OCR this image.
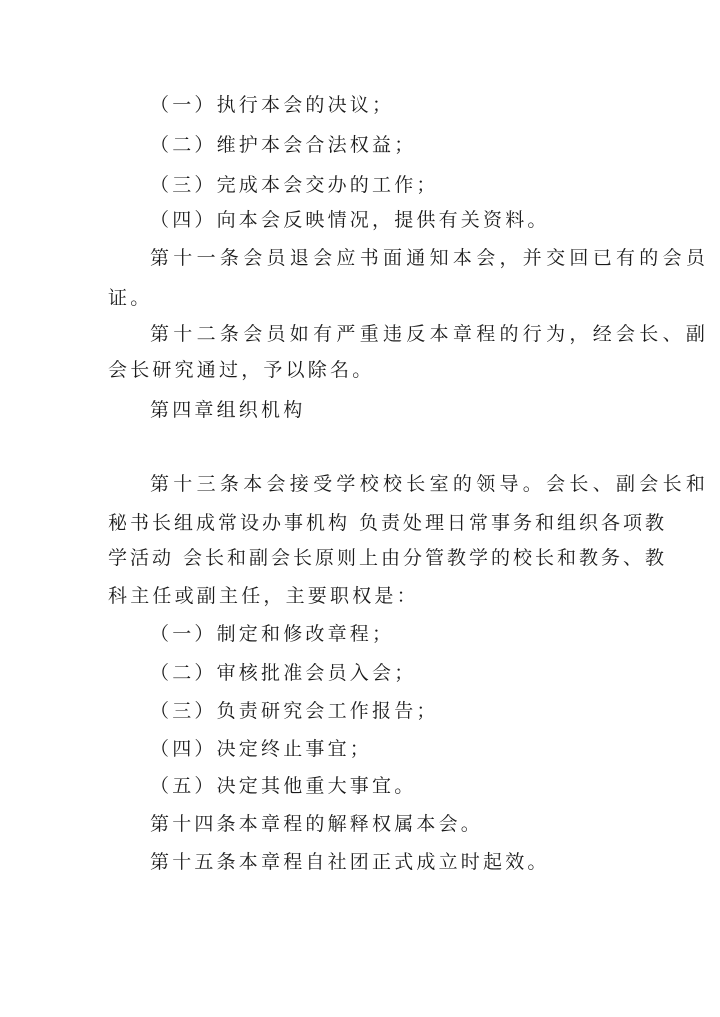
（一）执行本会的决议；
（二）维护本会合法权益；
（三）完成本会交办的工作；
（四）向本会反映情况，提供有关资料。
第十一条会员退会应书面通知本会，并交回已有的会员
证。
第十二条会员如有严重违反本章程的行为，经会长、副
会长研究通过，予以除名。
第四章组织机构
第十三条本会接受学校校长室的领导。会长、副会长和
秘书长组成常设办事机构 负责处理日常事务和组织各项教
学活动 会长和副会长原则上由分管教学的校长和教务、教
科主任或副主任，主要职权是：
（一）制定和修改章程；
（二）审核批准会员入会；
（三）负责研究会工作报告；
（四）决定终止事宜；
（五）决定其他重大事宜。
第十四条本章程的解释权属本会。
第十五条本章程自社团正式成立时起效。
